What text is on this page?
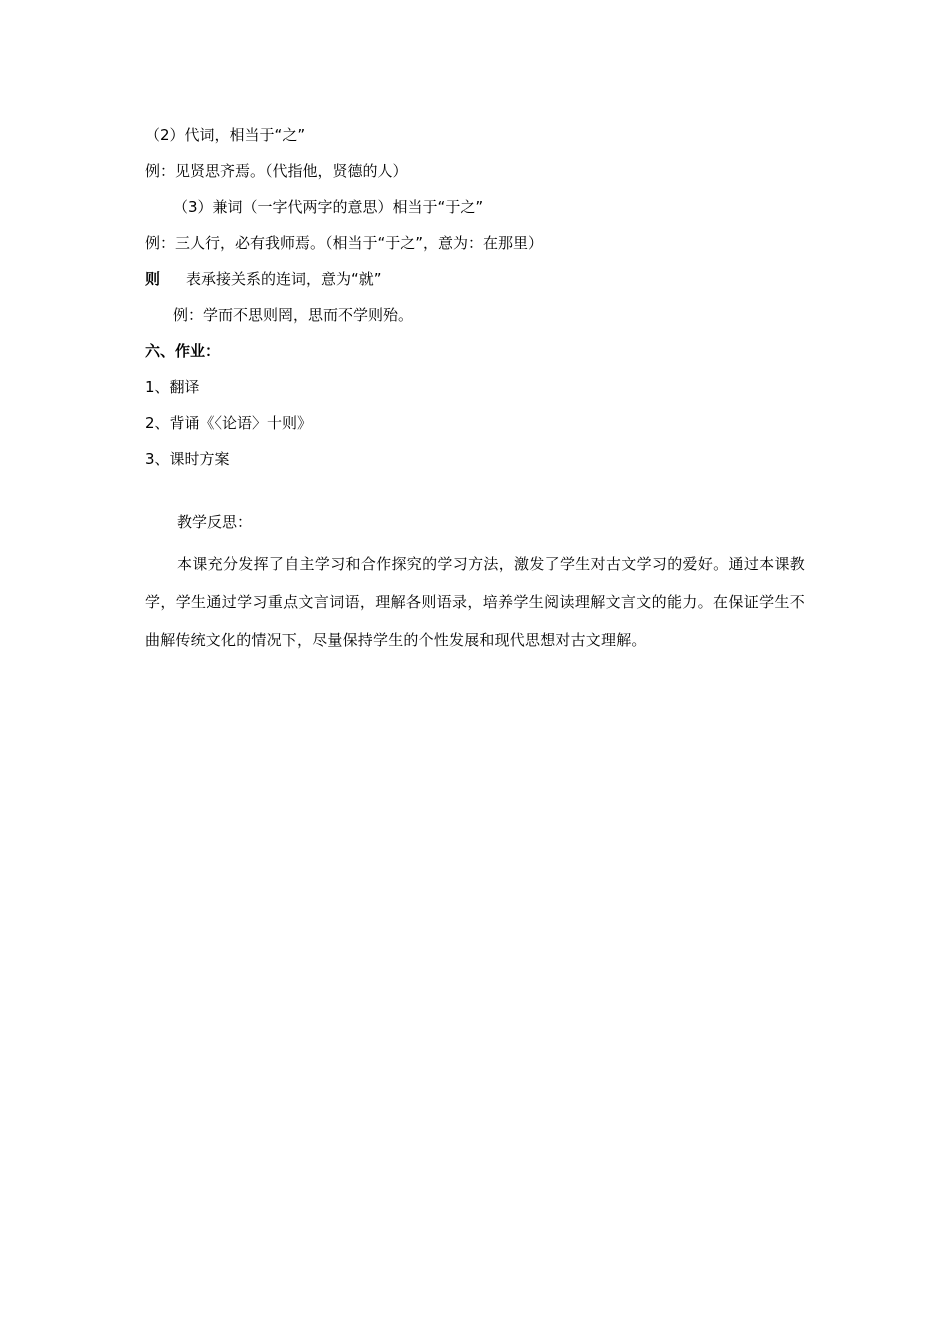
（2）代词，相当于“之”
例：见贤思齐焉。（代指他，贤德的人）
（3）兼词（一字代两字的意思）相当于“于之”
例：三人行，必有我师焉。（相当于“于之”，意为：在那里）
则 表承接关系的连词，意为“就”
例：学而不思则罔，思而不学则殆。
六、作业：
1、翻译
2、背诵《〈论语〉十则》
3、课时方案
教学反思：
本课充分发挥了自主学习和合作探究的学习方法，激发了学生对古文学习的爱好。通过本课教学，学生通过学习重点文言词语，理解各则语录，培养学生阅读理解文言文的能力。在保证学生不曲解传统文化的情况下，尽量保持学生的个性发展和现代思想对古文理解。
